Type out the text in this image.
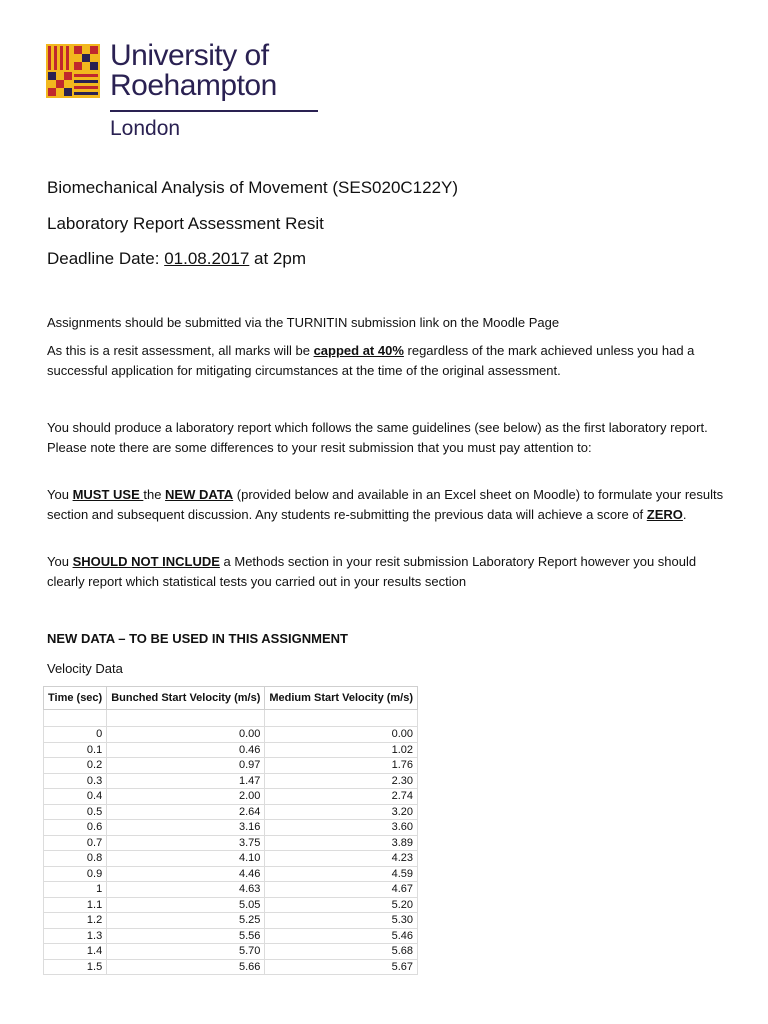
University of
Roehampton
London
Biomechanical Analysis of Movement (SES020C122Y)
Laboratory Report Assessment Resit
Deadline Date: 01.08.2017 at 2pm

Assignments should be submitted via the TURNITIN submission link on the Moodle Page

As this is a resit assessment, all marks will be capped at 40% regardless of the mark achieved unless you had a successful application for mitigating circumstances at the time of the original assessment.

You should produce a laboratory report which follows the same guidelines (see below) as the first laboratory report. Please note there are some differences to your resit submission that you must pay attention to:

You MUST USE the NEW DATA (provided below and available in an Excel sheet on Moodle) to formulate your results section and subsequent discussion. Any students re-submitting the previous data will achieve a score of ZERO.

You SHOULD NOT INCLUDE a Methods section in your resit submission Laboratory Report however you should clearly report which statistical tests you carried out in your results section

NEW DATA – TO BE USED IN THIS ASSIGNMENT

Velocity Data

Time (sec)	Bunched Start Velocity (m/s)	Medium Start Velocity (m/s)

0	0.00	0.00
0.1	0.46	1.02
0.2	0.97	1.76
0.3	1.47	2.30
0.4	2.00	2.74
0.5	2.64	3.20
0.6	3.16	3.60
0.7	3.75	3.89
0.8	4.10	4.23
0.9	4.46	4.59
1	4.63	4.67
1.1	5.05	5.20
1.2	5.25	5.30
1.3	5.56	5.46
1.4	5.70	5.68
1.5	5.66	5.67
